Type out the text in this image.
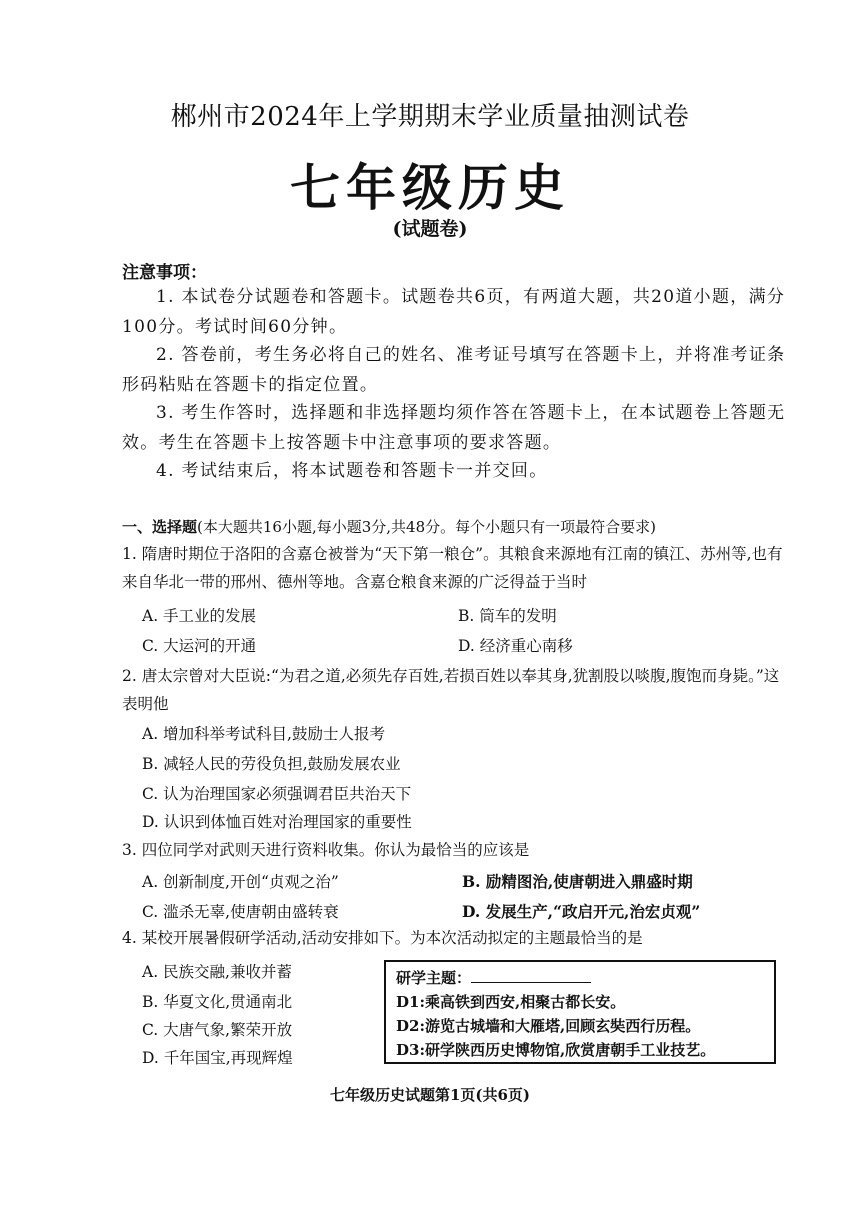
郴州市2024年上学期期末学业质量抽测试卷
七年级历史
(试题卷)
注意事项：
1. 本试卷分试题卷和答题卡。试题卷共6页，有两道大题，共20道小题，满分100分。考试时间60分钟。
2. 答卷前，考生务必将自己的姓名、准考证号填写在答题卡上，并将准考证条形码粘贴在答题卡的指定位置。
3. 考生作答时，选择题和非选择题均须作答在答题卡上，在本试题卷上答题无效。考生在答题卡上按答题卡中注意事项的要求答题。
4. 考试结束后，将本试题卷和答题卡一并交回。
一、选择题(本大题共16小题,每小题3分,共48分。每个小题只有一项最符合要求)
1. 隋唐时期位于洛阳的含嘉仓被誉为“天下第一粮仓”。其粮食来源地有江南的镇江、苏州等,也有来自华北一带的邢州、德州等地。含嘉仓粮食来源的广泛得益于当时
A. 手工业的发展	B. 筒车的发明
C. 大运河的开通	D. 经济重心南移
2. 唐太宗曾对大臣说:“为君之道,必须先存百姓,若损百姓以奉其身,犹割股以啖腹,腹饱而身毙。”这表明他
A. 增加科举考试科目,鼓励士人报考
B. 减轻人民的劳役负担,鼓励发展农业
C. 认为治理国家必须强调君臣共治天下
D. 认识到体恤百姓对治理国家的重要性
3. 四位同学对武则天进行资料收集。你认为最恰当的应该是
A. 创新制度,开创“贞观之治”	B. 励精图治,使唐朝进入鼎盛时期
C. 滥杀无辜,使唐朝由盛转衰	D. 发展生产,“政启开元,治宏贞观”
4. 某校开展暑假研学活动,活动安排如下。为本次活动拟定的主题最恰当的是
A. 民族交融,兼收并蓄
B. 华夏文化,贯通南北
C. 大唐气象,繁荣开放
D. 千年国宝,再现辉煌
研学主题：
D1:乘高铁到西安,相聚古都长安。
D2:游览古城墙和大雁塔,回顾玄奘西行历程。
D3:研学陕西历史博物馆,欣赏唐朝手工业技艺。
七年级历史试题第1页(共6页)
